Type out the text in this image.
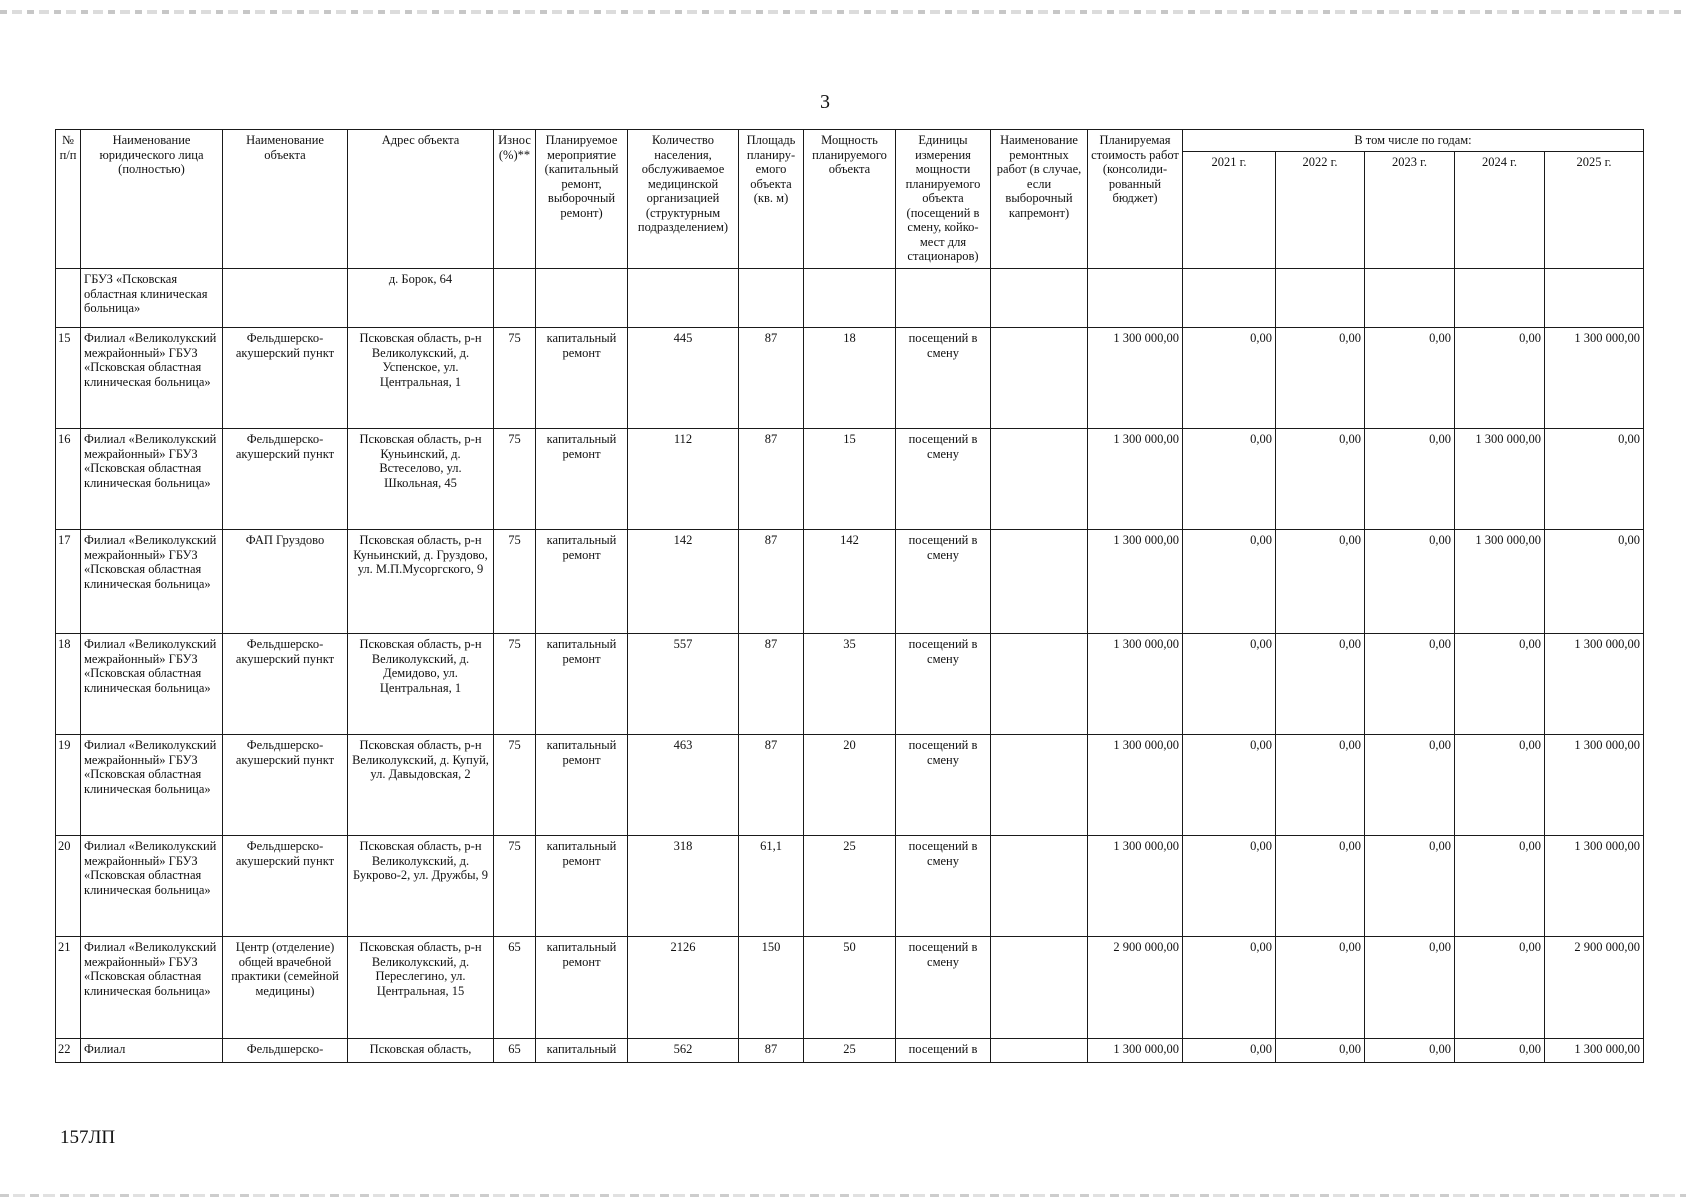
3
№ п/п	Наименование юридического лица (полностью)	Наименование объекта	Адрес объекта	Износ (%)**	Планируемое мероприятие (капитальный ремонт, выборочный ремонт)	Количество населения, обслуживаемое медицинской организацией (структурным подразделением)	Площадь планиру-емого объекта (кв. м)	Мощность планируемого объекта	Единицы измерения мощности планируемого объекта (посещений в смену, койко-мест для стационаров)	Наименование ремонтных работ (в случае, если выборочный капремонт)	Планируемая стоимость работ (консолиди-рованный бюджет)	В том числе по годам:				
												2021 г.	2022 г.	2023 г.	2024 г.	2025 г.
	ГБУЗ «Псковская областная клиническая больница»		д. Борок, 64													
15	Филиал «Великолукский межрайонный» ГБУЗ «Псковская областная клиническая больница»	Фельдшерско-акушерский пункт	Псковская область, р-н Великолукский, д. Успенское, ул. Центральная, 1	75	капитальный ремонт	445	87	18	посещений в смену		1 300 000,00	0,00	0,00	0,00	0,00	1 300 000,00
16	Филиал «Великолукский межрайонный» ГБУЗ «Псковская областная клиническая больница»	Фельдшерско-акушерский пункт	Псковская область, р-н Куньинский, д. Встеселово, ул. Школьная, 45	75	капитальный ремонт	112	87	15	посещений в смену		1 300 000,00	0,00	0,00	0,00	1 300 000,00	0,00
17	Филиал «Великолукский межрайонный» ГБУЗ «Псковская областная клиническая больница»	ФАП Груздово	Псковская область, р-н Куньинский, д. Груздово, ул. М.П.Мусоргского, 9	75	капитальный ремонт	142	87	142	посещений в смену		1 300 000,00	0,00	0,00	0,00	1 300 000,00	0,00
18	Филиал «Великолукский межрайонный» ГБУЗ «Псковская областная клиническая больница»	Фельдшерско-акушерский пункт	Псковская область, р-н Великолукский, д. Демидово, ул. Центральная, 1	75	капитальный ремонт	557	87	35	посещений в смену		1 300 000,00	0,00	0,00	0,00	0,00	1 300 000,00
19	Филиал «Великолукский межрайонный» ГБУЗ «Псковская областная клиническая больница»	Фельдшерско-акушерский пункт	Псковская область, р-н Великолукский, д. Купуй, ул. Давыдовская, 2	75	капитальный ремонт	463	87	20	посещений в смену		1 300 000,00	0,00	0,00	0,00	0,00	1 300 000,00
20	Филиал «Великолукский межрайонный» ГБУЗ «Псковская областная клиническая больница»	Фельдшерско-акушерский пункт	Псковская область, р-н Великолукский, д. Букрово-2, ул. Дружбы, 9	75	капитальный ремонт	318	61,1	25	посещений в смену		1 300 000,00	0,00	0,00	0,00	0,00	1 300 000,00
21	Филиал «Великолукский межрайонный» ГБУЗ «Псковская областная клиническая больница»	Центр (отделение) общей врачебной практики (семейной медицины)	Псковская область, р-н Великолукский, д. Переслегино, ул. Центральная, 15	65	капитальный ремонт	2126	150	50	посещений в смену		2 900 000,00	0,00	0,00	0,00	0,00	2 900 000,00
22	Филиал	Фельдшерско-	Псковская область,	65	капитальный	562	87	25	посещений в		1 300 000,00	0,00	0,00	0,00	0,00	1 300 000,00
157ЛП
